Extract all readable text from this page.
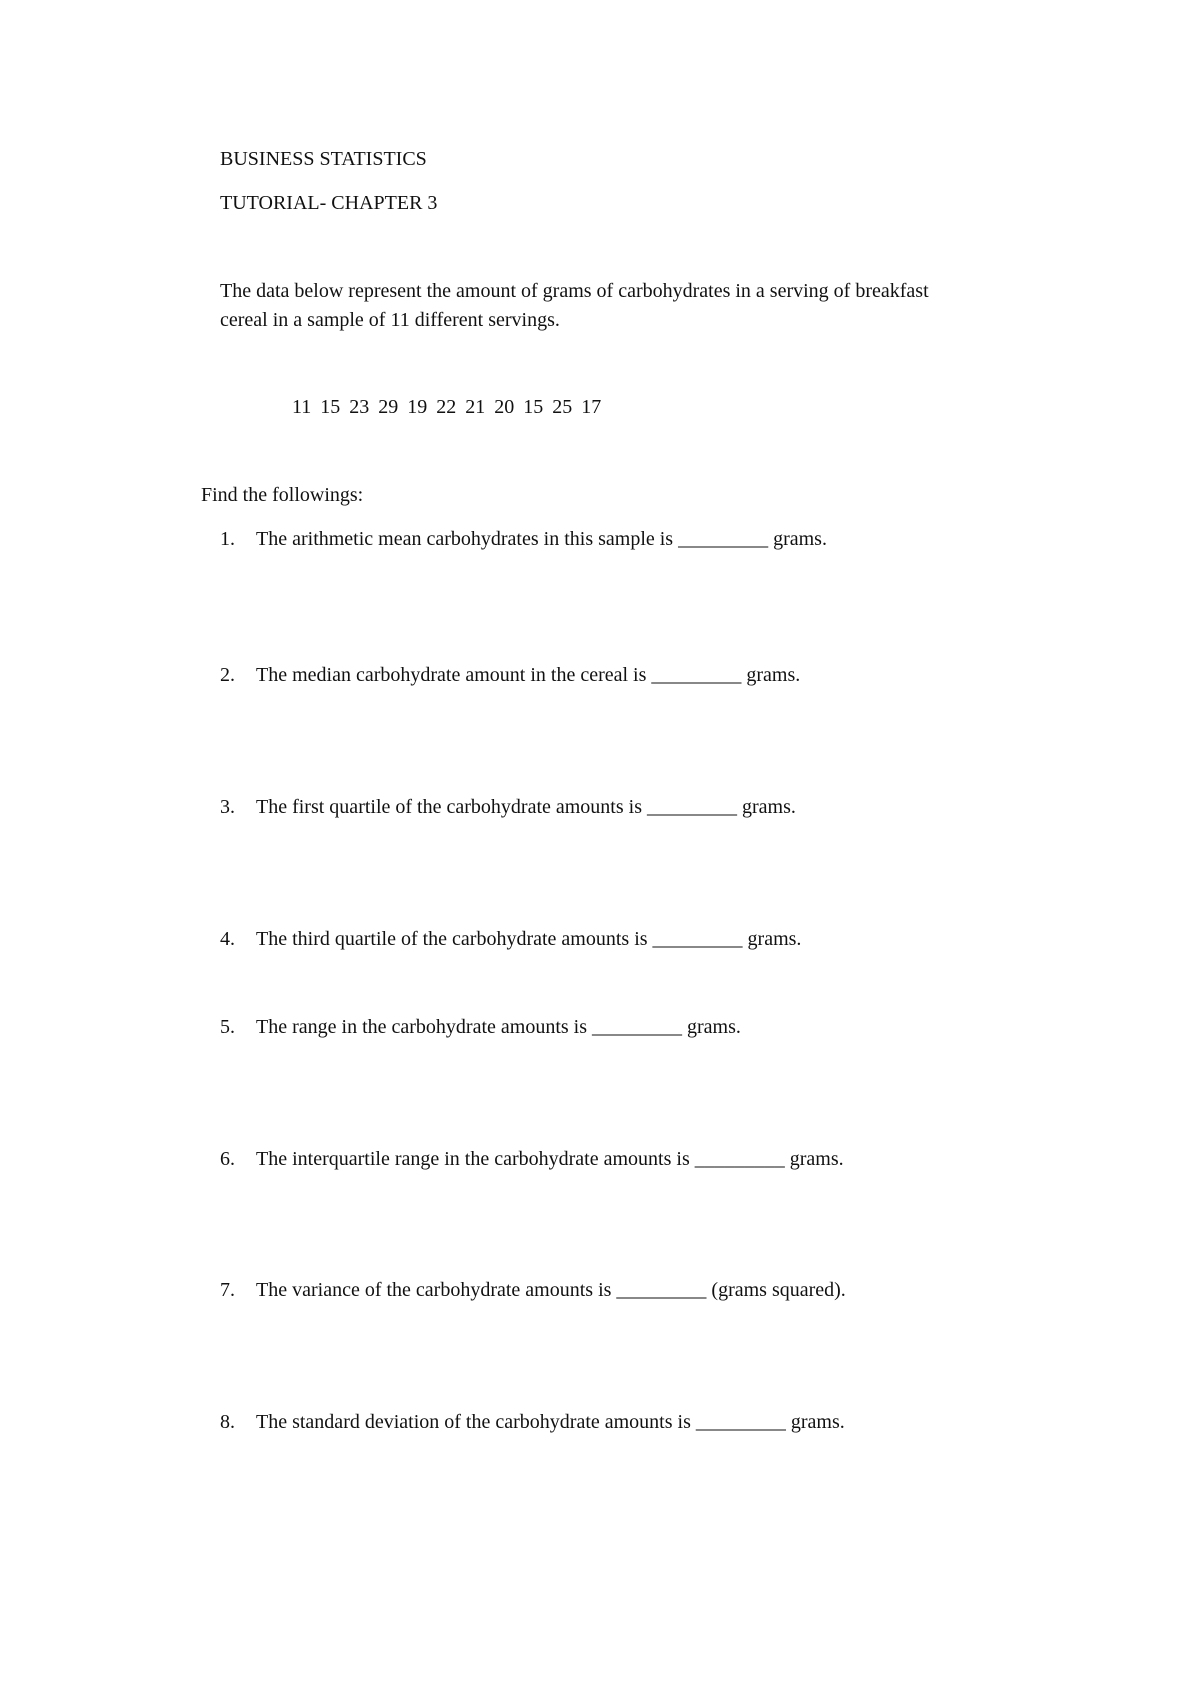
BUSINESS STATISTICS
TUTORIAL- CHAPTER 3
The data below represent the amount of grams of carbohydrates in a serving of breakfast
cereal in a sample of 11 different servings.
11 15 23 29 19 22 21 20 15 25 17
Find the followings:
1. The arithmetic mean carbohydrates in this sample is _________ grams.
2. The median carbohydrate amount in the cereal is _________ grams.
3. The first quartile of the carbohydrate amounts is _________ grams.
4. The third quartile of the carbohydrate amounts is _________ grams.
5. The range in the carbohydrate amounts is _________ grams.
6. The interquartile range in the carbohydrate amounts is _________ grams.
7. The variance of the carbohydrate amounts is _________ (grams squared).
8. The standard deviation of the carbohydrate amounts is _________ grams.
